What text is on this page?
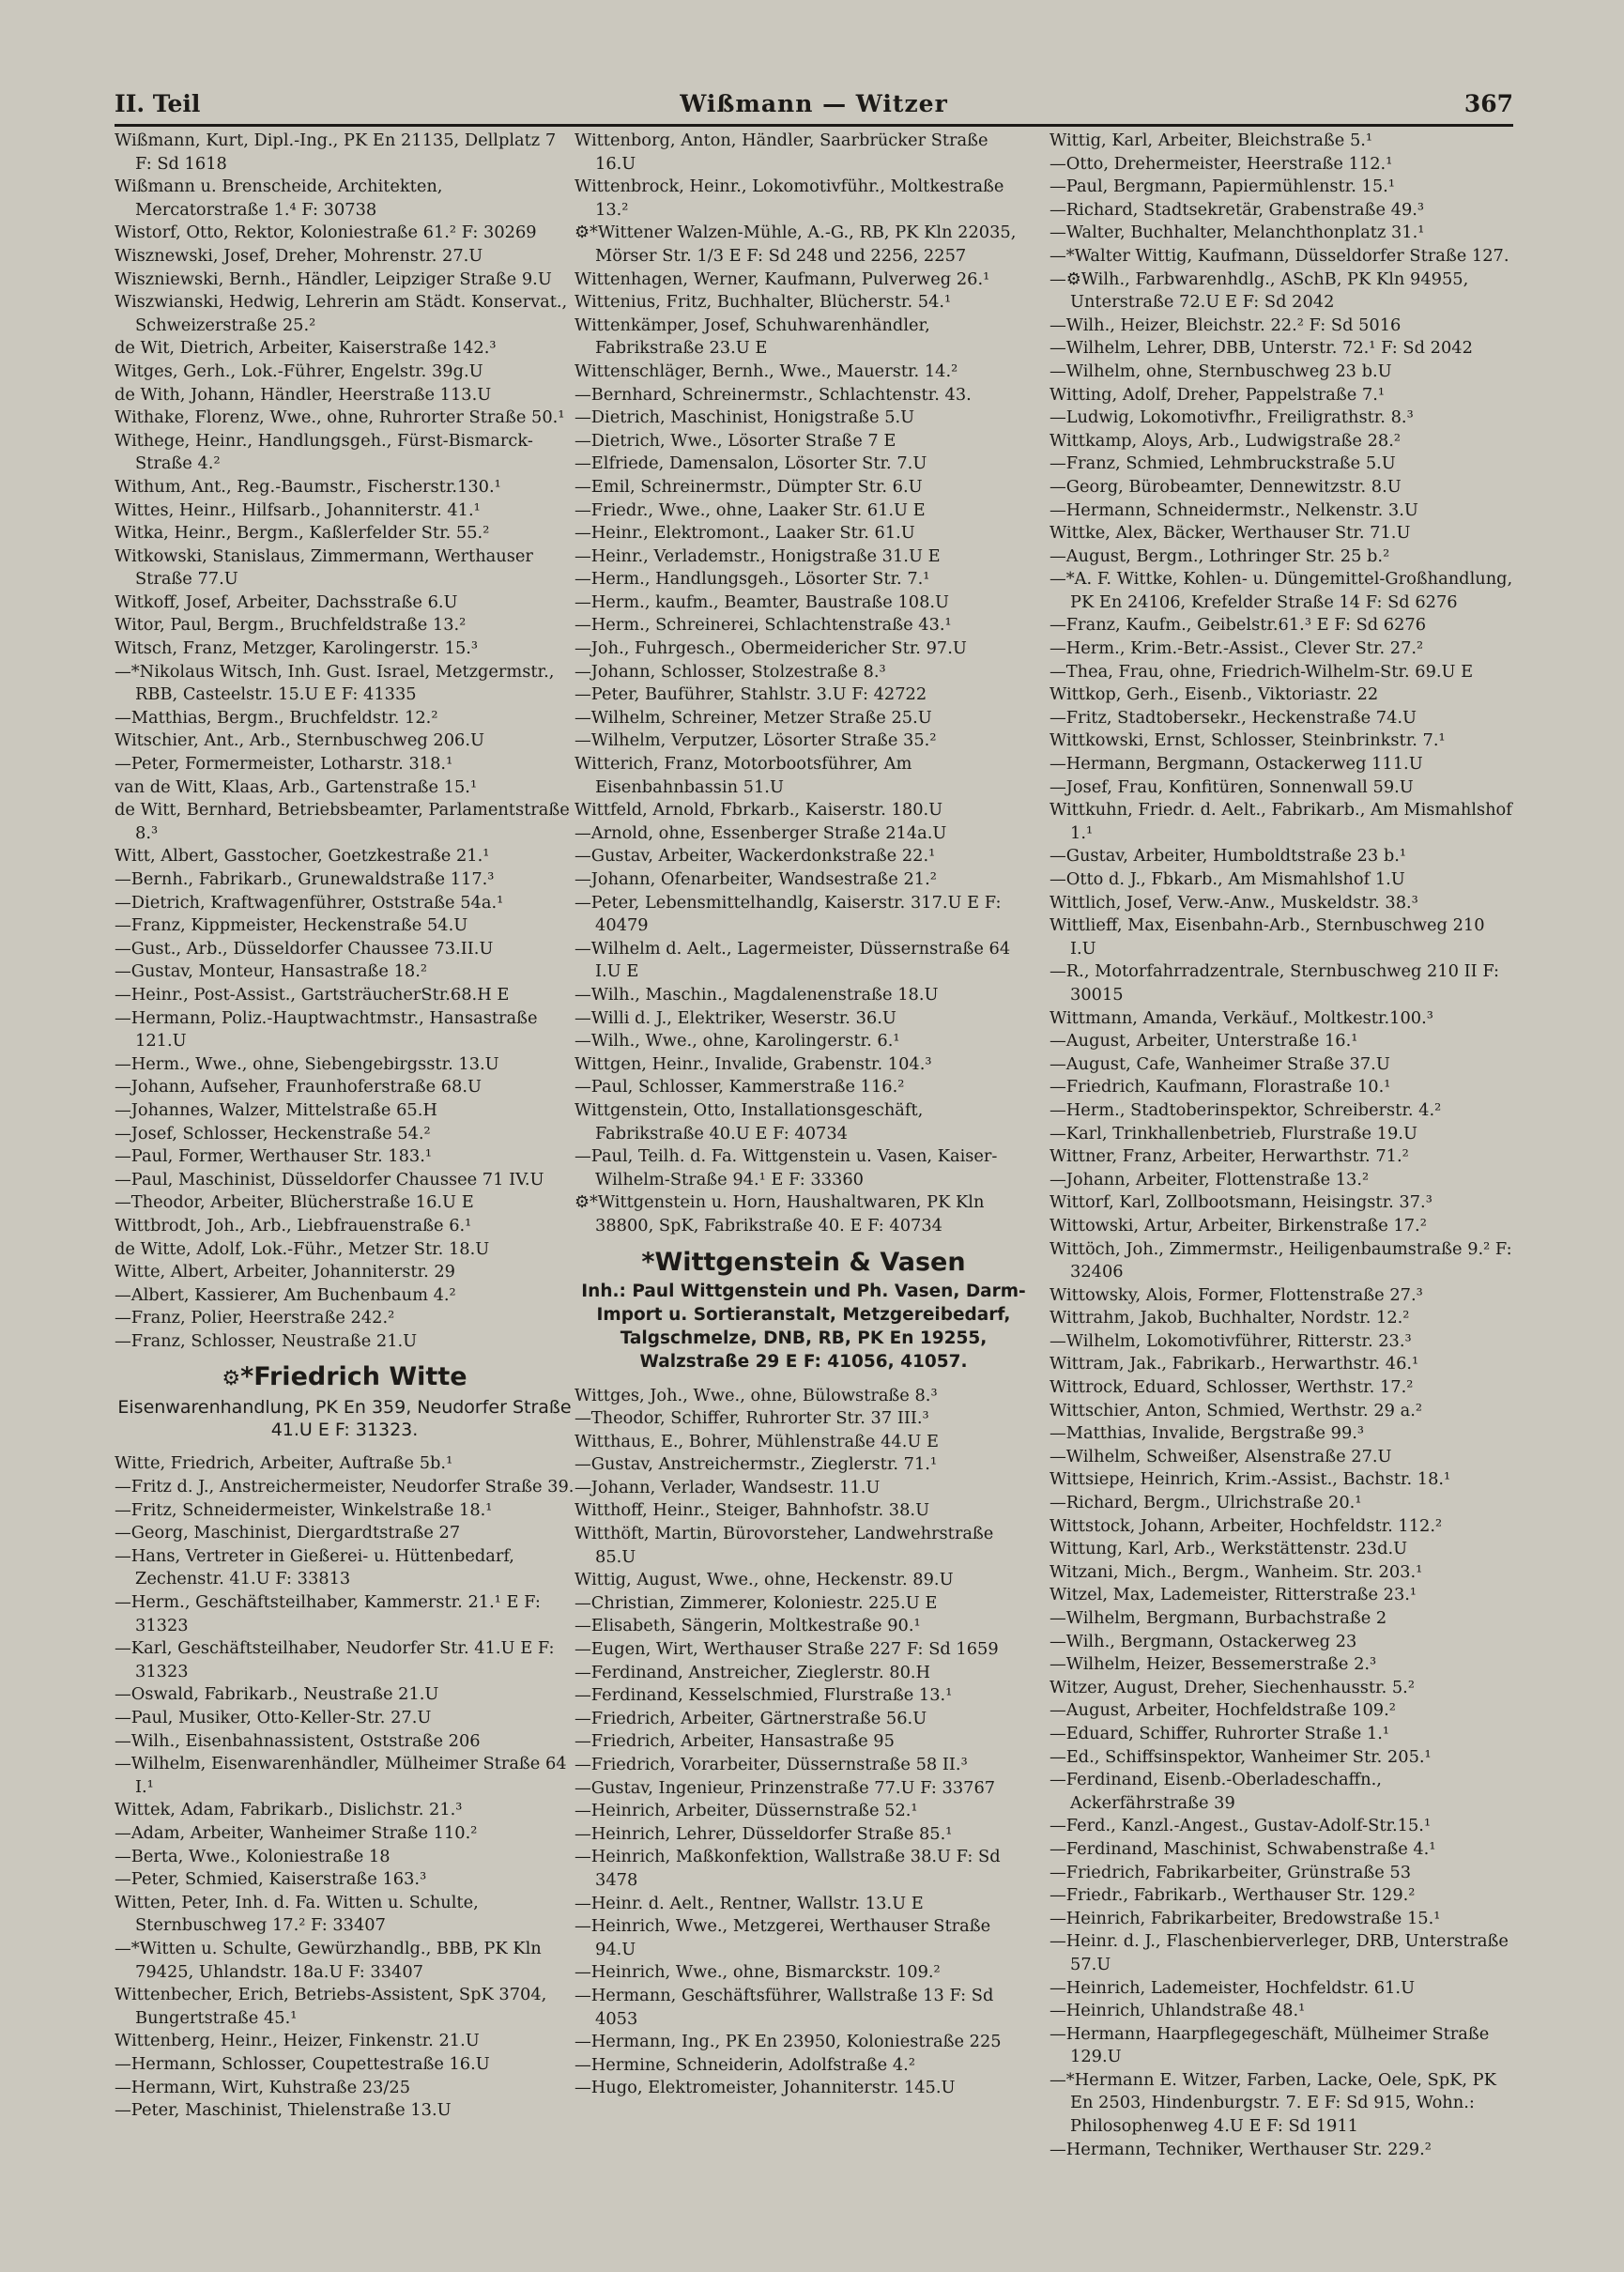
II. Teil	Wißmann — Witzer	367
Wißmann, Kurt, Dipl.-Ing., PK En 21135, Dellplatz 7 F: Sd 1618
Wißmann u. Brenscheide, Architekten, Mercatorstraße 1.⁴ F: 30738
Wistorf, Otto, Rektor, Koloniestraße 61.² F: 30269
Wisznewski, Josef, Dreher, Mohrenstr. 27.U
Wiszniewski, Bernh., Händler, Leipziger Straße 9.U
Wiszwianski, Hedwig, Lehrerin am Städt. Konservat., Schweizerstraße 25.²
de Wit, Dietrich, Arbeiter, Kaiserstraße 142.³
Witges, Gerh., Lok.-Führer, Engelstr. 39g.U
de With, Johann, Händler, Heerstraße 113.U
Withake, Florenz, Wwe., ohne, Ruhrorter Straße 50.¹
Withege, Heinr., Handlungsgeh., Fürst-Bismarck-Straße 4.²
Withum, Ant., Reg.-Baumstr., Fischerstr.130.¹
Wittes, Heinr., Hilfsarb., Johanniterstr. 41.¹
Witka, Heinr., Bergm., Kaßlerfelder Str. 55.²
Witkowski, Stanislaus, Zimmermann, Werthauser Straße 77.U
Witkoff, Josef, Arbeiter, Dachsstraße 6.U
Witor, Paul, Bergm., Bruchfeldstraße 13.²
Witsch, Franz, Metzger, Karolingerstr. 15.³
—*Nikolaus Witsch, Inh. Gust. Israel, Metzgermstr., RBB, Casteelstr. 15.U E F: 41335
—Matthias, Bergm., Bruchfeldstr. 12.²
Witschier, Ant., Arb., Sternbuschweg 206.U
—Peter, Formermeister, Lotharstr. 318.¹
van de Witt, Klaas, Arb., Gartenstraße 15.¹
de Witt, Bernhard, Betriebsbeamter, Parlamentstraße 8.³
Witt, Albert, Gasstocher, Goetzkestraße 21.¹
—Bernh., Fabrikarb., Grunewaldstraße 117.³
—Dietrich, Kraftwagenführer, Oststraße 54a.¹
—Franz, Kippmeister, Heckenstraße 54.U
—Gust., Arb., Düsseldorfer Chaussee 73.II.U
—Gustav, Monteur, Hansastraße 18.²
—Heinr., Post-Assist., GartsträucherStr.68.H E
—Hermann, Poliz.-Hauptwachtmstr., Hansastraße 121.U
—Herm., Wwe., ohne, Siebengebirgsstr. 13.U
—Johann, Aufseher, Fraunhoferstraße 68.U
—Johannes, Walzer, Mittelstraße 65.H
—Josef, Schlosser, Heckenstraße 54.²
—Paul, Former, Werthauser Str. 183.¹
—Paul, Maschinist, Düsseldorfer Chaussee 71 IV.U
—Theodor, Arbeiter, Blücherstraße 16.U E
Wittbrodt, Joh., Arb., Liebfrauenstraße 6.¹
de Witte, Adolf, Lok.-Führ., Metzer Str. 18.U
Witte, Albert, Arbeiter, Johanniterstr. 29
—Albert, Kassierer, Am Buchenbaum 4.²
—Franz, Polier, Heerstraße 242.²
—Franz, Schlosser, Neustraße 21.U
⚙*Friedrich Witte
Eisenwarenhandlung, PK En 359, Neudorfer Straße 41.U E F: 31323.
Witte, Friedrich, Arbeiter, Auftraße 5b.¹
—Fritz d. J., Anstreichermeister, Neudorfer Straße 39.
—Fritz, Schneidermeister, Winkelstraße 18.¹
—Georg, Maschinist, Diergardtstraße 27
—Hans, Vertreter in Gießerei- u. Hüttenbedarf, Zechenstr. 41.U F: 33813
—Herm., Geschäftsteilhaber, Kammerstr. 21.¹ E F: 31323
—Karl, Geschäftsteilhaber, Neudorfer Str. 41.U E F: 31323
—Oswald, Fabrikarb., Neustraße 21.U
—Paul, Musiker, Otto-Keller-Str. 27.U
—Wilh., Eisenbahnassistent, Oststraße 206
—Wilhelm, Eisenwarenhändler, Mülheimer Straße 64 I.¹
Wittek, Adam, Fabrikarb., Dislichstr. 21.³
—Adam, Arbeiter, Wanheimer Straße 110.²
—Berta, Wwe., Koloniestraße 18
—Peter, Schmied, Kaiserstraße 163.³
Witten, Peter, Inh. d. Fa. Witten u. Schulte, Sternbuschweg 17.² F: 33407
—*Witten u. Schulte, Gewürzhandlg., BBB, PK Kln 79425, Uhlandstr. 18a.U F: 33407
Wittenbecher, Erich, Betriebs-Assistent, SpK 3704, Bungertstraße 45.¹
Wittenberg, Heinr., Heizer, Finkenstr. 21.U
—Hermann, Schlosser, Coupettestraße 16.U
—Hermann, Wirt, Kuhstraße 23/25
—Peter, Maschinist, Thielenstraße 13.U
Wittenborg, Anton, Händler, Saarbrücker Straße 16.U
Wittenbrock, Heinr., Lokomotivführ., Moltkestraße 13.²
⚙*Wittener Walzen-Mühle, A.-G., RB, PK Kln 22035, Mörser Str. 1/3 E F: Sd 248 und 2256, 2257
Wittenhagen, Werner, Kaufmann, Pulverweg 26.¹
Wittenius, Fritz, Buchhalter, Blücherstr. 54.¹
Wittenkämper, Josef, Schuhwarenhändler, Fabrikstraße 23.U E
Wittenschläger, Bernh., Wwe., Mauerstr. 14.²
—Bernhard, Schreinermstr., Schlachtenstr. 43.
—Dietrich, Maschinist, Honigstraße 5.U
—Dietrich, Wwe., Lösorter Straße 7 E
—Elfriede, Damensalon, Lösorter Str. 7.U
—Emil, Schreinermstr., Dümpter Str. 6.U
—Friedr., Wwe., ohne, Laaker Str. 61.U E
—Heinr., Elektromont., Laaker Str. 61.U
—Heinr., Verlademstr., Honigstraße 31.U E
—Herm., Handlungsgeh., Lösorter Str. 7.¹
—Herm., kaufm., Beamter, Baustraße 108.U
—Herm., Schreinerei, Schlachtenstraße 43.¹
—Joh., Fuhrgesch., Obermeidericher Str. 97.U
—Johann, Schlosser, Stolzestraße 8.³
—Peter, Bauführer, Stahlstr. 3.U F: 42722
—Wilhelm, Schreiner, Metzer Straße 25.U
—Wilhelm, Verputzer, Lösorter Straße 35.²
Witterich, Franz, Motorbootsführer, Am Eisenbahnbassin 51.U
Wittfeld, Arnold, Fbrkarb., Kaiserstr. 180.U
—Arnold, ohne, Essenberger Straße 214a.U
—Gustav, Arbeiter, Wackerdonkstraße 22.¹
—Johann, Ofenarbeiter, Wandsestraße 21.²
—Peter, Lebensmittelhandlg, Kaiserstr. 317.U E F: 40479
—Wilhelm d. Aelt., Lagermeister, Düssernstraße 64 I.U E
—Wilh., Maschin., Magdalenenstraße 18.U
—Willi d. J., Elektriker, Weserstr. 36.U
—Wilh., Wwe., ohne, Karolingerstr. 6.¹
Wittgen, Heinr., Invalide, Grabenstr. 104.³
—Paul, Schlosser, Kammerstraße 116.²
Wittgenstein, Otto, Installationsgeschäft, Fabrikstraße 40.U E F: 40734
—Paul, Teilh. d. Fa. Wittgenstein u. Vasen, Kaiser-Wilhelm-Straße 94.¹ E F: 33360
⚙*Wittgenstein u. Horn, Haushaltwaren, PK Kln 38800, SpK, Fabrikstraße 40. E F: 40734
*Wittgenstein & Vasen
Inh.: Paul Wittgenstein und Ph. Vasen, Darm-Import u. Sortieranstalt, Metzgereibedarf, Talgschmelze, DNB, RB, PK En 19255, Walzstraße 29 E F: 41056, 41057.
Wittges, Joh., Wwe., ohne, Bülowstraße 8.³
—Theodor, Schiffer, Ruhrorter Str. 37 III.³
Witthaus, E., Bohrer, Mühlenstraße 44.U E
—Gustav, Anstreichermstr., Zieglerstr. 71.¹
—Johann, Verlader, Wandsestr. 11.U
Witthoff, Heinr., Steiger, Bahnhofstr. 38.U
Witthöft, Martin, Bürovorsteher, Landwehrstraße 85.U
Wittig, August, Wwe., ohne, Heckenstr. 89.U
—Christian, Zimmerer, Koloniestr. 225.U E
—Elisabeth, Sängerin, Moltkestraße 90.¹
—Eugen, Wirt, Werthauser Straße 227 F: Sd 1659
—Ferdinand, Anstreicher, Zieglerstr. 80.H
—Ferdinand, Kesselschmied, Flurstraße 13.¹
—Friedrich, Arbeiter, Gärtnerstraße 56.U
—Friedrich, Arbeiter, Hansastraße 95
—Friedrich, Vorarbeiter, Düssernstraße 58 II.³
—Gustav, Ingenieur, Prinzenstraße 77.U F: 33767
—Heinrich, Arbeiter, Düssernstraße 52.¹
—Heinrich, Lehrer, Düsseldorfer Straße 85.¹
—Heinrich, Maßkonfektion, Wallstraße 38.U F: Sd 3478
—Heinr. d. Aelt., Rentner, Wallstr. 13.U E
—Heinrich, Wwe., Metzgerei, Werthauser Straße 94.U
—Heinrich, Wwe., ohne, Bismarckstr. 109.²
—Hermann, Geschäftsführer, Wallstraße 13 F: Sd 4053
—Hermann, Ing., PK En 23950, Koloniestraße 225
—Hermine, Schneiderin, Adolfstraße 4.²
—Hugo, Elektromeister, Johanniterstr. 145.U
Wittig, Karl, Arbeiter, Bleichstraße 5.¹
—Otto, Drehermeister, Heerstraße 112.¹
—Paul, Bergmann, Papiermühlenstr. 15.¹
—Richard, Stadtsekretär, Grabenstraße 49.³
—Walter, Buchhalter, Melanchthonplatz 31.¹
—*Walter Wittig, Kaufmann, Düsseldorfer Straße 127.
—⚙Wilh., Farbwarenhdlg., ASchB, PK Kln 94955, Unterstraße 72.U E F: Sd 2042
—Wilh., Heizer, Bleichstr. 22.² F: Sd 5016
—Wilhelm, Lehrer, DBB, Unterstr. 72.¹ F: Sd 2042
—Wilhelm, ohne, Sternbuschweg 23 b.U
Witting, Adolf, Dreher, Pappelstraße 7.¹
—Ludwig, Lokomotivfhr., Freiligrathstr. 8.³
Wittkamp, Aloys, Arb., Ludwigstraße 28.²
—Franz, Schmied, Lehmbruckstraße 5.U
—Georg, Bürobeamter, Dennewitzstr. 8.U
—Hermann, Schneidermstr., Nelkenstr. 3.U
Wittke, Alex, Bäcker, Werthauser Str. 71.U
—August, Bergm., Lothringer Str. 25 b.²
—*A. F. Wittke, Kohlen- u. Düngemittel-Großhandlung, PK En 24106, Krefelder Straße 14 F: Sd 6276
—Franz, Kaufm., Geibelstr.61.³ E F: Sd 6276
—Herm., Krim.-Betr.-Assist., Clever Str. 27.²
—Thea, Frau, ohne, Friedrich-Wilhelm-Str. 69.U E
Wittkop, Gerh., Eisenb., Viktoriastr. 22
—Fritz, Stadtobersekr., Heckenstraße 74.U
Wittkowski, Ernst, Schlosser, Steinbrinkstr. 7.¹
—Hermann, Bergmann, Ostackerweg 111.U
—Josef, Frau, Konfitüren, Sonnenwall 59.U
Wittkuhn, Friedr. d. Aelt., Fabrikarb., Am Mismahlshof 1.¹
—Gustav, Arbeiter, Humboldtstraße 23 b.¹
—Otto d. J., Fbkarb., Am Mismahlshof 1.U
Wittlich, Josef, Verw.-Anw., Muskeldstr. 38.³
Wittlieff, Max, Eisenbahn-Arb., Sternbuschweg 210 I.U
—R., Motorfahrradzentrale, Sternbuschweg 210 II F: 30015
Wittmann, Amanda, Verkäuf., Moltkestr.100.³
—August, Arbeiter, Unterstraße 16.¹
—August, Cafe, Wanheimer Straße 37.U
—Friedrich, Kaufmann, Florastraße 10.¹
—Herm., Stadtoberinspektor, Schreiberstr. 4.²
—Karl, Trinkhallenbetrieb, Flurstraße 19.U
Wittner, Franz, Arbeiter, Herwarthstr. 71.²
—Johann, Arbeiter, Flottenstraße 13.²
Wittorf, Karl, Zollbootsmann, Heisingstr. 37.³
Wittowski, Artur, Arbeiter, Birkenstraße 17.²
Wittöch, Joh., Zimmermstr., Heiligenbaumstraße 9.² F: 32406
Wittowsky, Alois, Former, Flottenstraße 27.³
Wittrahm, Jakob, Buchhalter, Nordstr. 12.²
—Wilhelm, Lokomotivführer, Ritterstr. 23.³
Wittram, Jak., Fabrikarb., Herwarthstr. 46.¹
Wittrock, Eduard, Schlosser, Werthstr. 17.²
Wittschier, Anton, Schmied, Werthstr. 29 a.²
—Matthias, Invalide, Bergstraße 99.³
—Wilhelm, Schweißer, Alsenstraße 27.U
Wittsiepe, Heinrich, Krim.-Assist., Bachstr. 18.¹
—Richard, Bergm., Ulrichstraße 20.¹
Wittstock, Johann, Arbeiter, Hochfeldstr. 112.²
Wittung, Karl, Arb., Werkstättenstr. 23d.U
Witzani, Mich., Bergm., Wanheim. Str. 203.¹
Witzel, Max, Lademeister, Ritterstraße 23.¹
—Wilhelm, Bergmann, Burbachstraße 2
—Wilh., Bergmann, Ostackerweg 23
—Wilhelm, Heizer, Bessemerstraße 2.³
Witzer, August, Dreher, Siechenhausstr. 5.²
—August, Arbeiter, Hochfeldstraße 109.²
—Eduard, Schiffer, Ruhrorter Straße 1.¹
—Ed., Schiffsinspektor, Wanheimer Str. 205.¹
—Ferdinand, Eisenb.-Oberladeschaffn., Ackerfährstraße 39
—Ferd., Kanzl.-Angest., Gustav-Adolf-Str.15.¹
—Ferdinand, Maschinist, Schwabenstraße 4.¹
—Friedrich, Fabrikarbeiter, Grünstraße 53
—Friedr., Fabrikarb., Werthauser Str. 129.²
—Heinrich, Fabrikarbeiter, Bredowstraße 15.¹
—Heinr. d. J., Flaschenbierverleger, DRB, Unterstraße 57.U
—Heinrich, Lademeister, Hochfeldstr. 61.U
—Heinrich, Uhlandstraße 48.¹
—Hermann, Haarpflegegeschäft, Mülheimer Straße 129.U
—*Hermann E. Witzer, Farben, Lacke, Oele, SpK, PK En 2503, Hindenburgstr. 7. E F: Sd 915, Wohn.: Philosophenweg 4.U E F: Sd 1911
—Hermann, Techniker, Werthauser Str. 229.²
